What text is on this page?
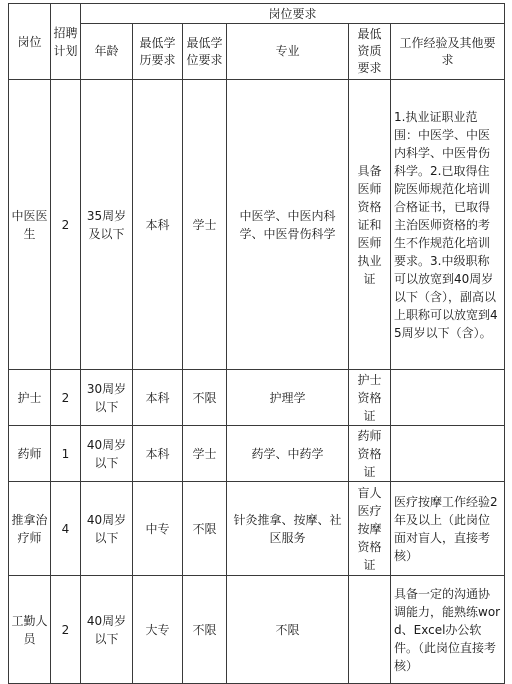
岗位	招聘计划	岗位要求					
		年龄	最低学历要求	最低学位要求	专业	最低资质要求	工作经验及其他要求
中医医生	2	35周岁及以下	本科	学士	中医学、中医内科学、中医骨伤科学	具备医师资格证和医师执业证	1.执业证职业范围：中医学、中医内科学、中医骨伤科学。2.已取得住院医师规范化培训合格证书，已取得主治医师资格的考生不作规范化培训要求。3.中级职称可以放宽到40周岁以下（含），副高以上职称可以放宽到45周岁以下（含）。
护士	2	30周岁以下	本科	不限	护理学	护士资格证	
药师	1	40周岁以下	本科	学士	药学、中药学	药师资格证	
推拿治疗师	4	40周岁以下	中专	不限	针灸推拿、按摩、社区服务	盲人医疗按摩资格证	医疗按摩工作经验2年及以上（此岗位面对盲人，直接考核）
工勤人员	2	40周岁以下	大专	不限	不限		具备一定的沟通协调能力，能熟练word、Excel办公软件。（此岗位直接考核）
